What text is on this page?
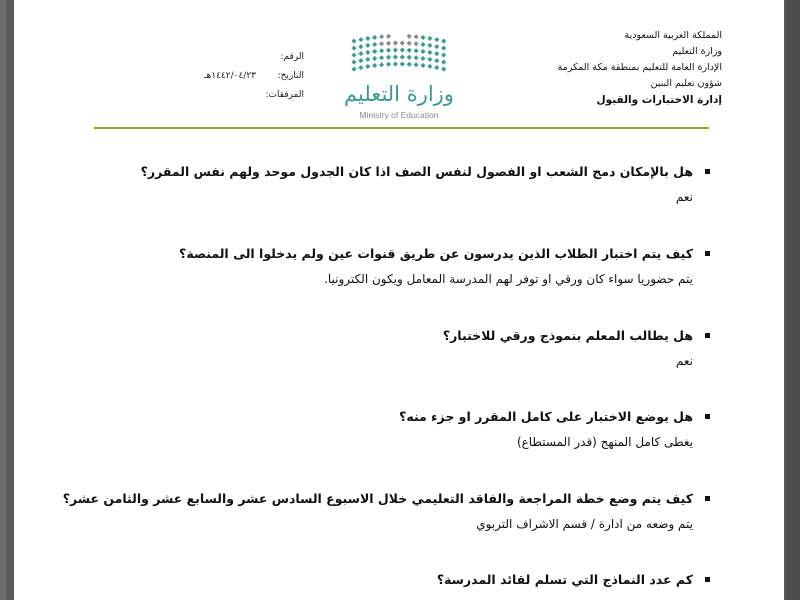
المملكة العربية السعودية
وزارة التعليم
الإدارة العامة للتعليم بمنطقة مكة المكرمة
شؤون تعليم البنين
إدارة الاختبارات والقبول
وزارة التعليم
Ministry of Education
الرقم:
التاريخ:
١٤٤٢/٠٤/٢٣هـ
المرفقات:
هل بالإمكان دمج الشعب او الفصول لنفس الصف اذا كان الجدول موحد ولهم نفس المقرر؟
نعم
كيف يتم اختبار الطلاب الذين يدرسون عن طريق قنوات عين ولم يدخلوا الى المنصة؟
يتم حضوريا سواء كان ورقي او توفر لهم المدرسة المعامل ويكون الكترونيا.
هل يطالب المعلم بنموذج ورقي للاختبار؟
نعم
هل يوضع الاختبار على كامل المقرر او جزء منه؟
يغطى كامل المنهج (قدر المستطاع)
كيف يتم وضع خطة المراجعة والفاقد التعليمي خلال الاسبوع السادس عشر والسابع عشر والثامن عشر؟
يتم وضعه من ادارة / قسم الاشراف التربوي
كم عدد النماذج التي تسلم لقائد المدرسة؟
